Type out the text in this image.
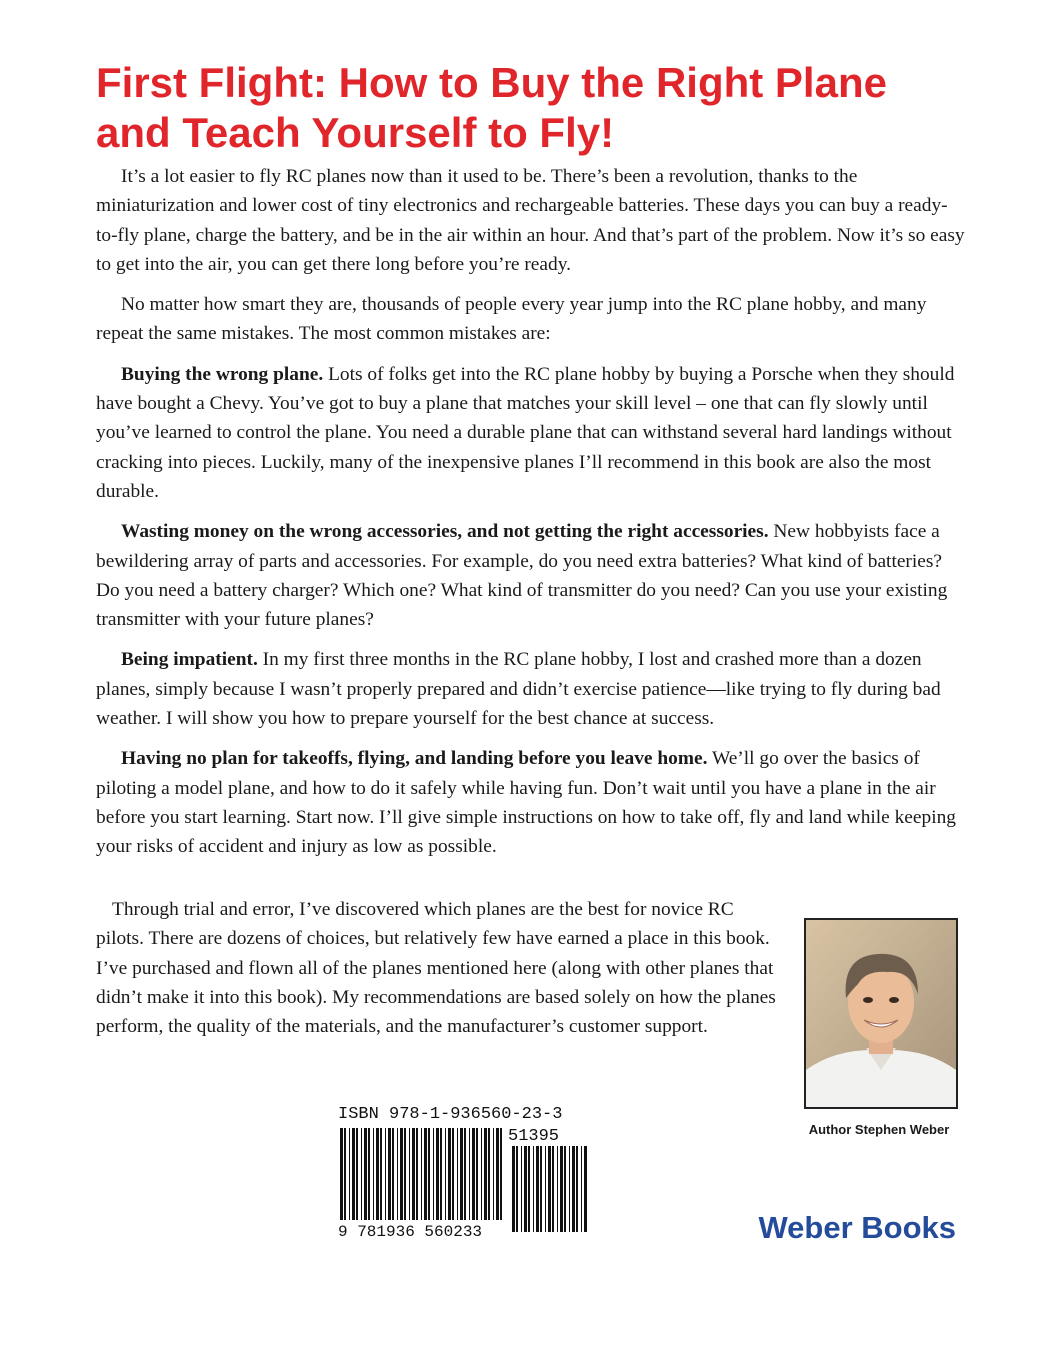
First Flight: How to Buy the Right Plane
and Teach Yourself to Fly!

It’s a lot easier to fly RC planes now than it used to be. There’s been a revolution, thanks to the miniaturization and lower cost of tiny electronics and rechargeable batteries. These days you can buy a ready-to-fly plane, charge the battery, and be in the air within an hour. And that’s part of the problem. Now it’s so easy to get into the air, you can get there long before you’re ready.

No matter how smart they are, thousands of people every year jump into the RC plane hobby, and many repeat the same mistakes. The most common mistakes are:

Buying the wrong plane. Lots of folks get into the RC plane hobby by buying a Porsche when they should have bought a Chevy. You’ve got to buy a plane that matches your skill level – one that can fly slowly until you’ve learned to control the plane. You need a durable plane that can withstand several hard landings without cracking into pieces. Luckily, many of the inexpensive planes I’ll recommend in this book are also the most durable.

Wasting money on the wrong accessories, and not getting the right accessories. New hobbyists face a bewildering array of parts and accessories. For example, do you need extra batteries? What kind of batteries? Do you need a battery charger? Which one? What kind of transmitter do you need? Can you use your existing transmitter with your future planes?

Being impatient. In my first three months in the RC plane hobby, I lost and crashed more than a dozen planes, simply because I wasn’t properly prepared and didn’t exercise patience—like trying to fly during bad weather. I will show you how to prepare yourself for the best chance at success.

Having no plan for takeoffs, flying, and landing before you leave home. We’ll go over the basics of piloting a model plane, and how to do it safely while having fun. Don’t wait until you have a plane in the air before you start learning. Start now. I’ll give simple instructions on how to take off, fly and land while keeping your risks of accident and injury as low as possible.

Through trial and error, I’ve discovered which planes are the best for novice RC pilots. There are dozens of choices, but relatively few have earned a place in this book. I’ve purchased and flown all of the planes mentioned here (along with other planes that didn’t make it into this book). My recommendations are based solely on how the planes perform, the quality of the materials, and the manufacturer’s customer support.

Author Stephen Weber
ISBN 978-1-936560-23-3
51395
9 781936 560233	Weber Books
